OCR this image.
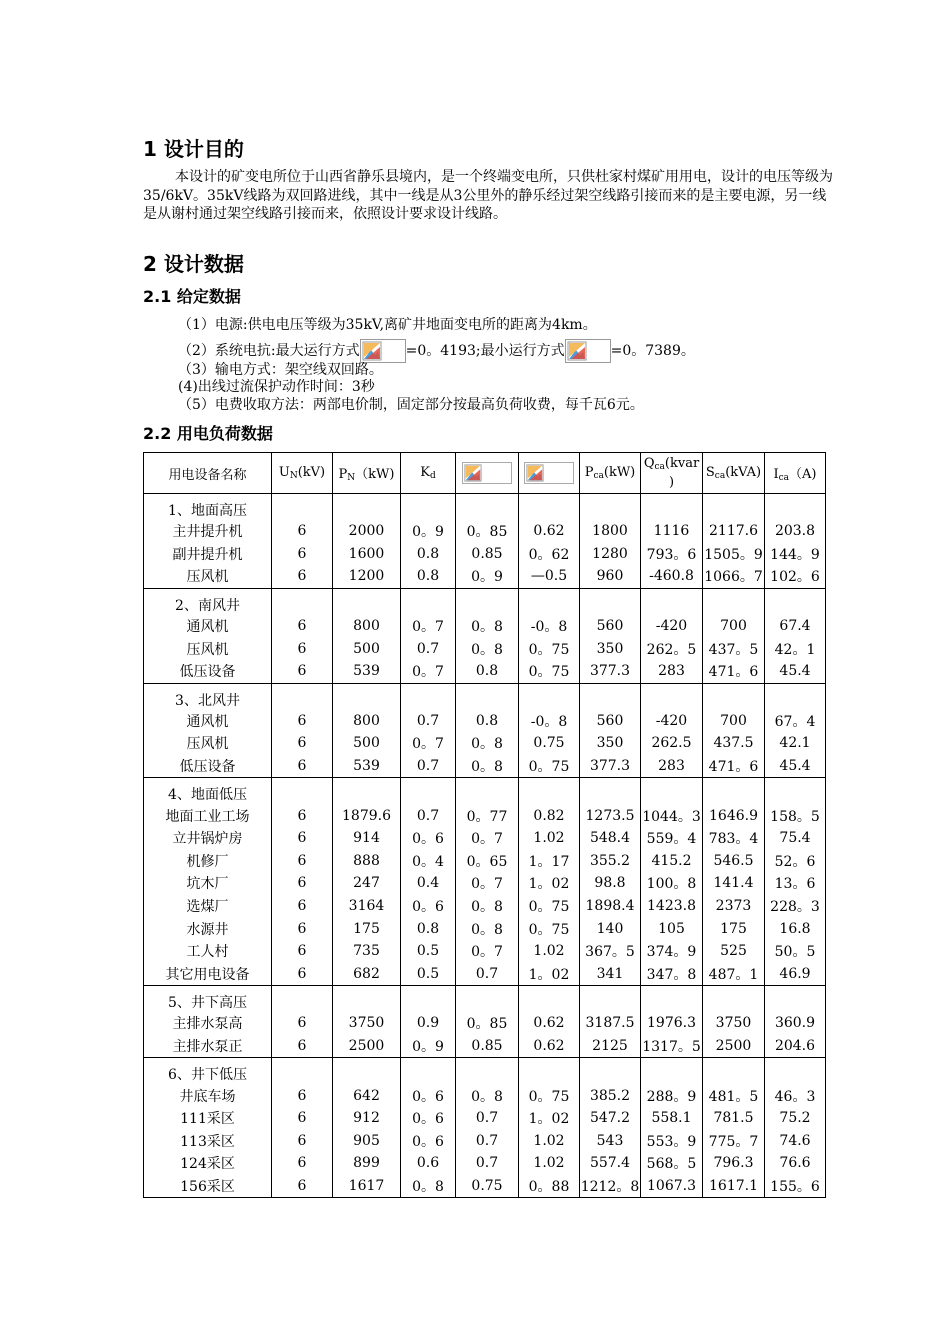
1 设计目的

本设计的矿变电所位于山西省静乐县境内，是一个终端变电所，只供杜家村煤矿用用电，设计的电压等级为35/6kV。35kV线路为双回路进线，其中一线是从3公里外的静乐经过架空线路引接而来的是主要电源，另一线是从谢村通过架空线路引接而来，依照设计要求设计线路。

2 设计数据
2.1 给定数据

（1）电源:供电电压等级为35kV,离矿井地面变电所的距离为4km。

（2）系统电抗:最大运行方式	=0。4193;最小运行方式	=0。7389。

（3）输电方式：架空线双回路。

(4)出线过流保护动作时间：3秒

（5）电费收取方法：两部电价制，固定部分按最高负荷收费，每千瓦6元。

2.2 用电负荷数据
用电设备名称	$U_N(kV)$	$P_N(kW)$	$K_d$			$P_{ca}(kW)$	$Q_{ca}(kvar$
)	$S_{ca}(kVA)$	$I_{ca}(A)$
1、地面高压									
主井提升机	6	2000	0。9	0。85	0.62	1800	1116	2117.6	203.8
副井提升机	6	1600	0.8	0.85	0。62	1280	793。6	1505。9	144。9
压风机	6	1200	0.8	0。9	—0.5	960	-460.8	1066。7	102。6
2、南风井									
通风机	6	800	0。7	0。8	-0。8	560	-420	700	67.4
压风机	6	500	0.7	0。8	0。75	350	262。5	437。5	42。1
低压设备	6	539	0。7	0.8	0。75	377.3	283	471。6	45.4
3、北风井									
通风机	6	800	0.7	0.8	-0。8	560	-420	700	67。4
压风机	6	500	0。7	0。8	0.75	350	262.5	437.5	42.1
低压设备	6	539	0.7	0。8	0。75	377.3	283	471。6	45.4
4、地面低压									
地面工业工场	6	1879.6	0.7	0。77	0.82	1273.5	1044。3	1646.9	158。5
立井锅炉房	6	914	0。6	0。7	1.02	548.4	559。4	783。4	75.4
机修厂	6	888	0。4	0。65	1。17	355.2	415.2	546.5	52。6
坑木厂	6	247	0.4	0。7	1。02	98.8	100。8	141.4	13。6
选煤厂	6	3164	0。6	0。8	0。75	1898.4	1423.8	2373	228。3
水源井	6	175	0.8	0。8	0。75	140	105	175	16.8
工人村	6	735	0.5	0。7	1.02	367。5	374。9	525	50。5
其它用电设备	6	682	0.5	0.7	1。02	341	347。8	487。1	46.9
5、井下高压									
主排水泵高	6	3750	0.9	0。85	0.62	3187.5	1976.3	3750	360.9
主排水泵正	6	2500	0。9	0.85	0.62	2125	1317。5	2500	204.6
6、井下低压									
井底车场	6	642	0。6	0。8	0。75	385.2	288。9	481。5	46。3
111采区	6	912	0。6	0.7	1。02	547.2	558.1	781.5	75.2
113采区	6	905	0。6	0.7	1.02	543	553。9	775。7	74.6
124采区	6	899	0.6	0.7	1.02	557.4	568。5	796.3	76.6
156采区	6	1617	0。8	0.75	0。88	1212。8	1067.3	1617.1	155。6
